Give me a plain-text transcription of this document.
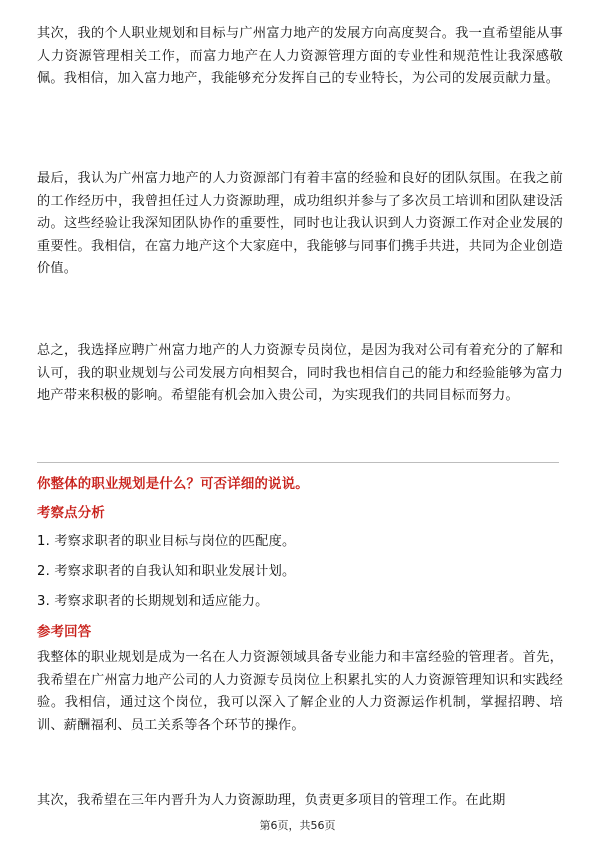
其次，我的个人职业规划和目标与广州富力地产的发展方向高度契合。我一直希望能从事人力资源管理相关工作，而富力地产在人力资源管理方面的专业性和规范性让我深感敬佩。我相信，加入富力地产，我能够充分发挥自己的专业特长，为公司的发展贡献力量。

最后，我认为广州富力地产的人力资源部门有着丰富的经验和良好的团队氛围。在我之前的工作经历中，我曾担任过人力资源助理，成功组织并参与了多次员工培训和团队建设活动。这些经验让我深知团队协作的重要性，同时也让我认识到人力资源工作对企业发展的重要性。我相信，在富力地产这个大家庭中，我能够与同事们携手共进，共同为企业创造价值。

总之，我选择应聘广州富力地产的人力资源专员岗位，是因为我对公司有着充分的了解和认可，我的职业规划与公司发展方向相契合，同时我也相信自己的能力和经验能够为富力地产带来积极的影响。希望能有机会加入贵公司，为实现我们的共同目标而努力。

你整体的职业规划是什么？可否详细的说说。

考察点分析

1. 考察求职者的职业目标与岗位的匹配度。

2. 考察求职者的自我认知和职业发展计划。

3. 考察求职者的长期规划和适应能力。

参考回答

我整体的职业规划是成为一名在人力资源领域具备专业能力和丰富经验的管理者。首先，我希望在广州富力地产公司的人力资源专员岗位上积累扎实的人力资源管理知识和实践经验。我相信，通过这个岗位，我可以深入了解企业的人力资源运作机制，掌握招聘、培训、薪酬福利、员工关系等各个环节的操作。

其次，我希望在三年内晋升为人力资源助理，负责更多项目的管理工作。在此期

第6页，共56页
